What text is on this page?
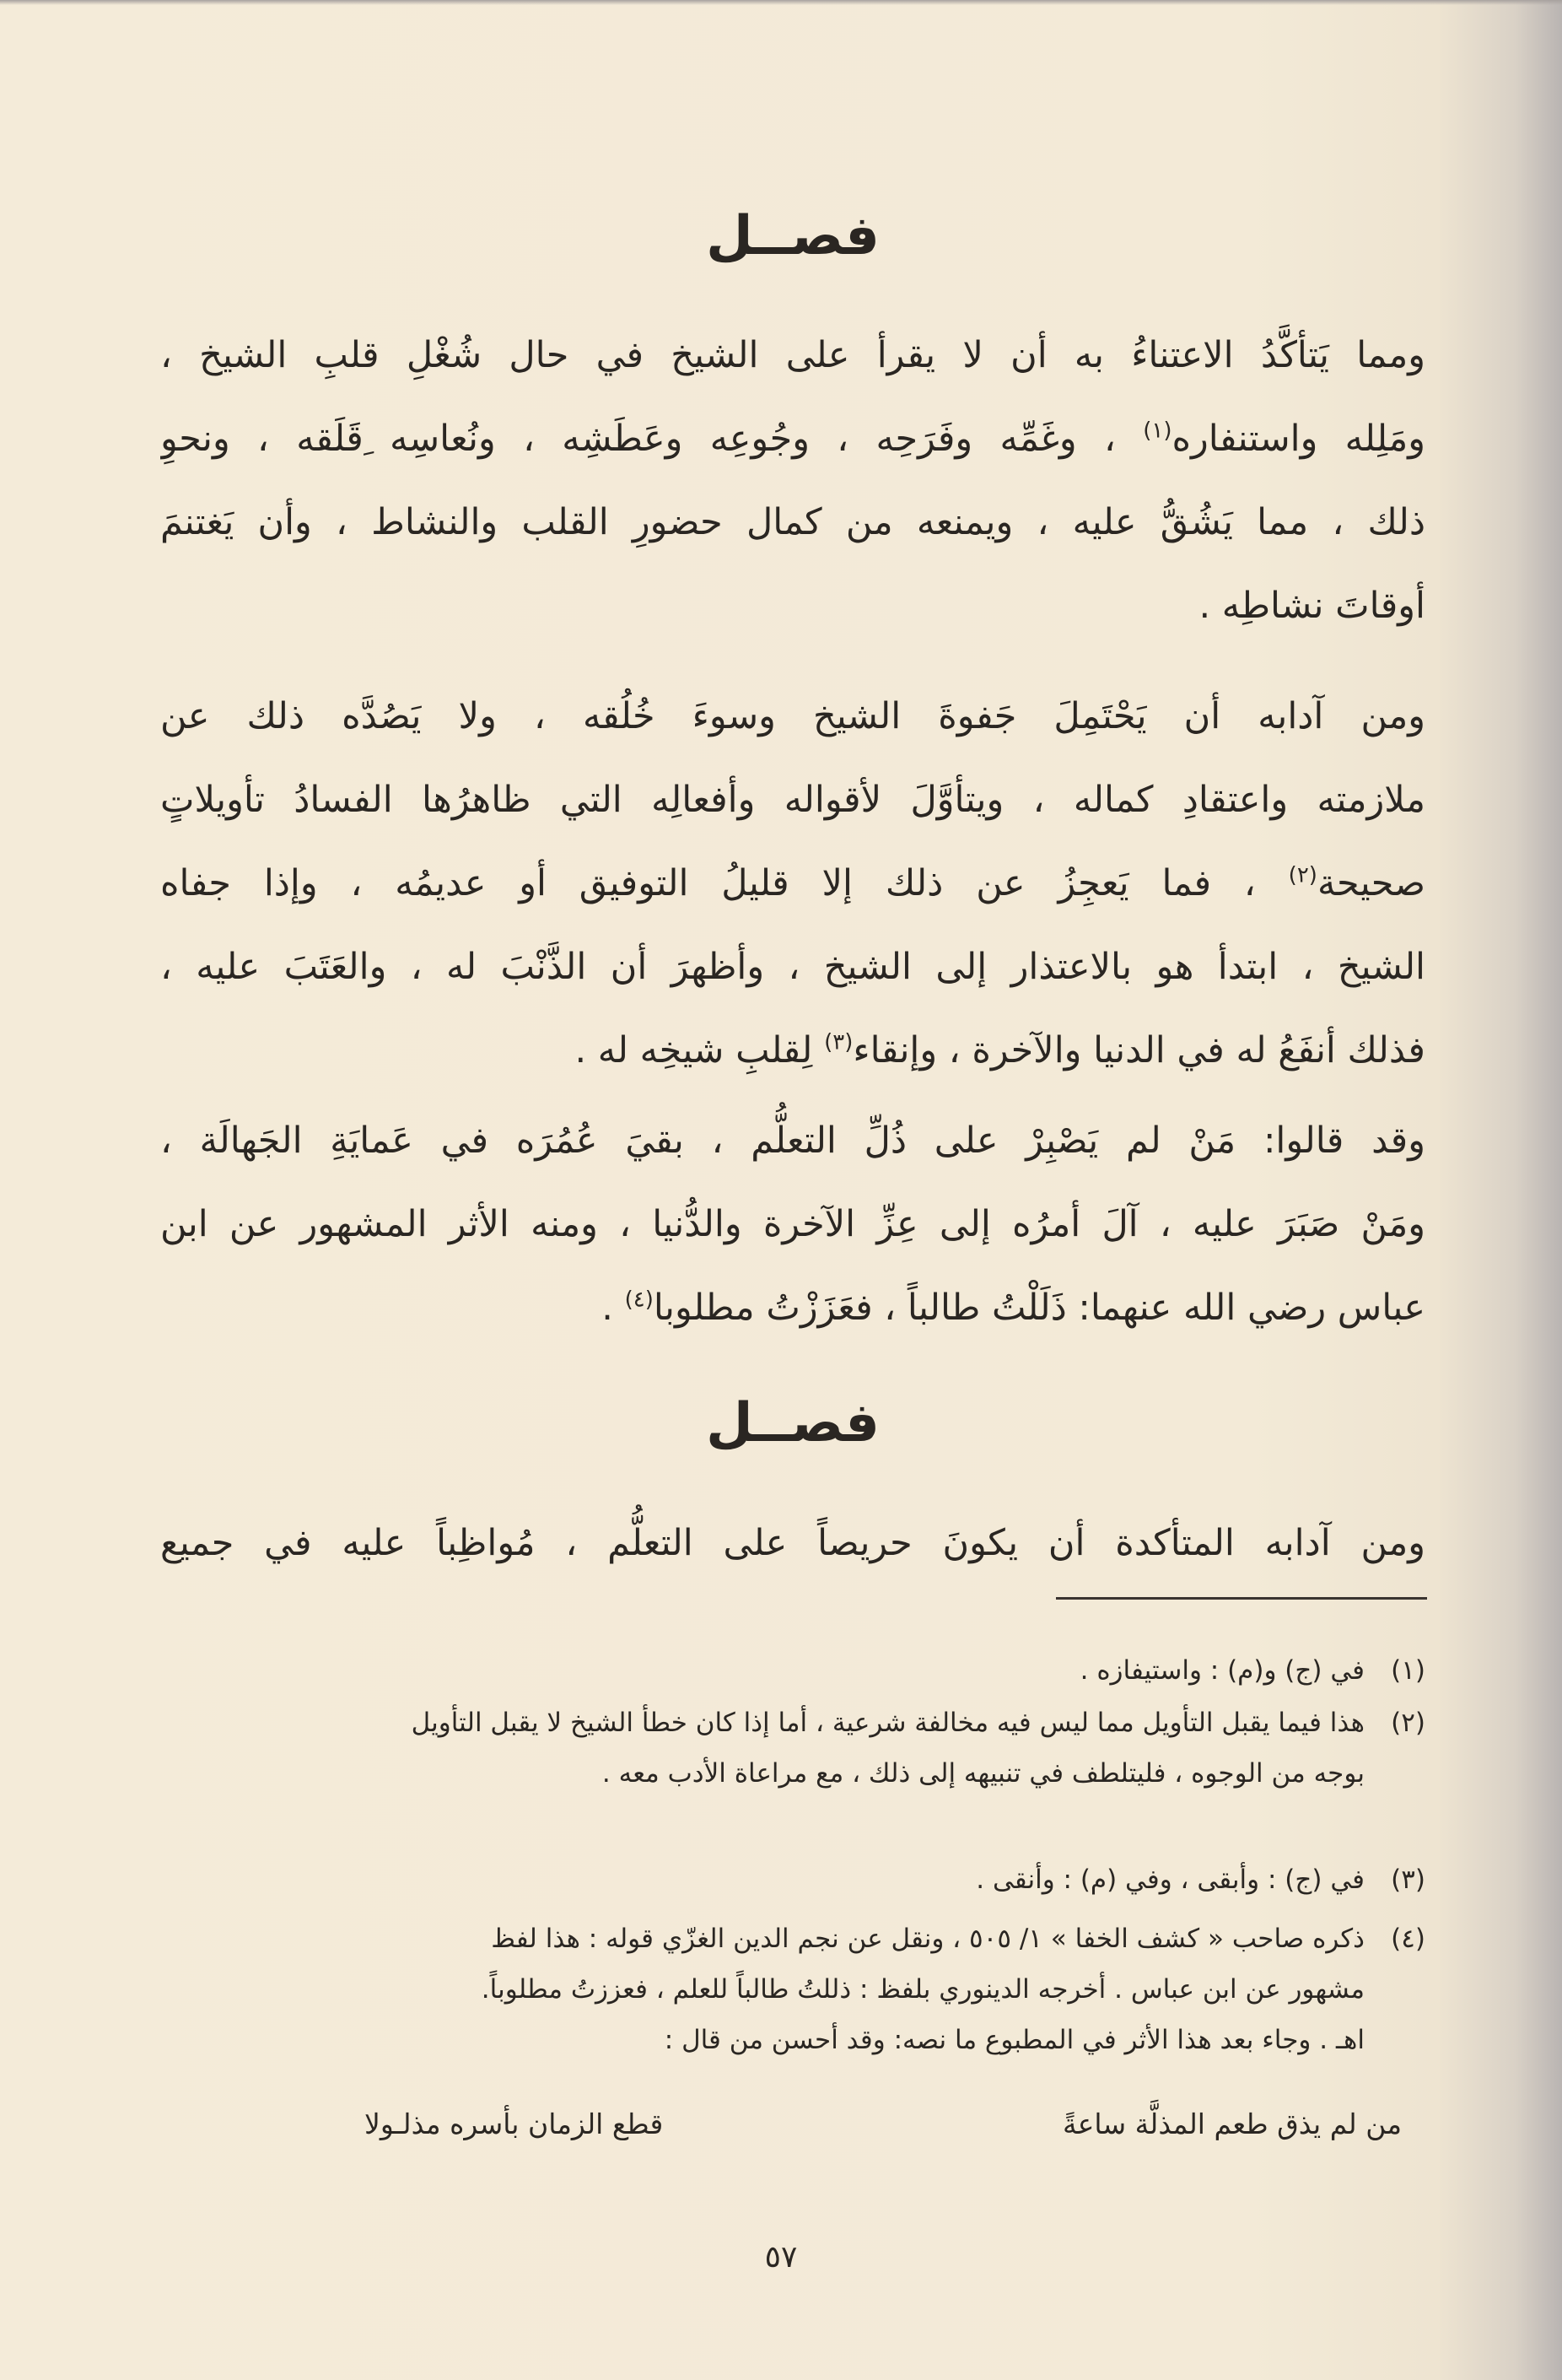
فصــل
ومما يَتأكَّدُ الاعتناءُ به أن لا يقرأ على الشيخ في حال شُغْلِ قلبِ الشيخ ،
ومَلِله واستنفاره$^{(١)}$ ، وغَمِّه وفَرَحِه ، وجُوعِه وعَطَشِه ، ونُعاسِه ِقَلَقه ، ونحوِ
ذلك ، مما يَشُقُّ عليه ، ويمنعه من كمال حضورِ القلب والنشاط ، وأن يَغتنمَ
أوقاتَ نشاطِه .
ومن آدابه أن يَحْتَمِلَ جَفوةَ الشيخ وسوءَ خُلُقه ، ولا يَصُدَّه ذلك عن
ملازمته واعتقادِ كماله ، ويتأوَّلَ لأقواله وأفعالِه التي ظاهرُها الفسادُ تأويلاتٍ
صحيحة$^{(٢)}$ ، فما يَعجِزُ عن ذلك إلا قليلُ التوفيق أو عديمُه ، وإذا جفاه
الشيخ ، ابتدأ هو بالاعتذار إلى الشيخ ، وأظهرَ أن الذَّنْبَ له ، والعَتَبَ عليه ،
فذلك أنفَعُ له في الدنيا والآخرة ، وإنقاء$^{(٣)}$ لِقلبِ شيخِه له .
وقد قالوا: مَنْ لم يَصْبِرْ على ذُلِّ التعلُّم ، بقيَ عُمُرَه في عَمايَةِ الجَهالَة ،
ومَنْ صَبَرَ عليه ، آلَ أمرُه إلى عِزِّ الآخرة والدُّنيا ، ومنه الأثر المشهور عن ابن
عباس رضي الله عنهما: ذَلَلْتُ طالباً ، فعَزَزْتُ مطلوبا$^{(٤)}$ .
فصــل
ومن آدابه المتأكدة أن يكونَ حريصاً على التعلُّم ، مُواظِباً عليه في جميع
(١)في (ج) و(م) : واستيفازه .
(٢)هذا فيما يقبل التأويل مما ليس فيه مخالفة شرعية ، أما إذا كان خطأ الشيخ لا يقبل التأويل
بوجه من الوجوه ، فليتلطف في تنبيهه إلى ذلك ، مع مراعاة الأدب معه .
(٣)في (ج) : وأبقى ، وفي (م) : وأنقى .
(٤)ذكره صاحب « كشف الخفا » ١/ ٥٠٥ ، ونقل عن نجم الدين الغزّي قوله : هذا لفظ
مشهور عن ابن عباس . أخرجه الدينوري بلفظ : ذللتُ طالباً للعلم ، فعززتُ مطلوباً.
اهـ . وجاء بعد هذا الأثر في المطبوع ما نصه: وقد أحسن من قال :
من لم يذق طعم المذلَّة ساعةً
قطع الزمان بأسره مذلـولا
٥٧
